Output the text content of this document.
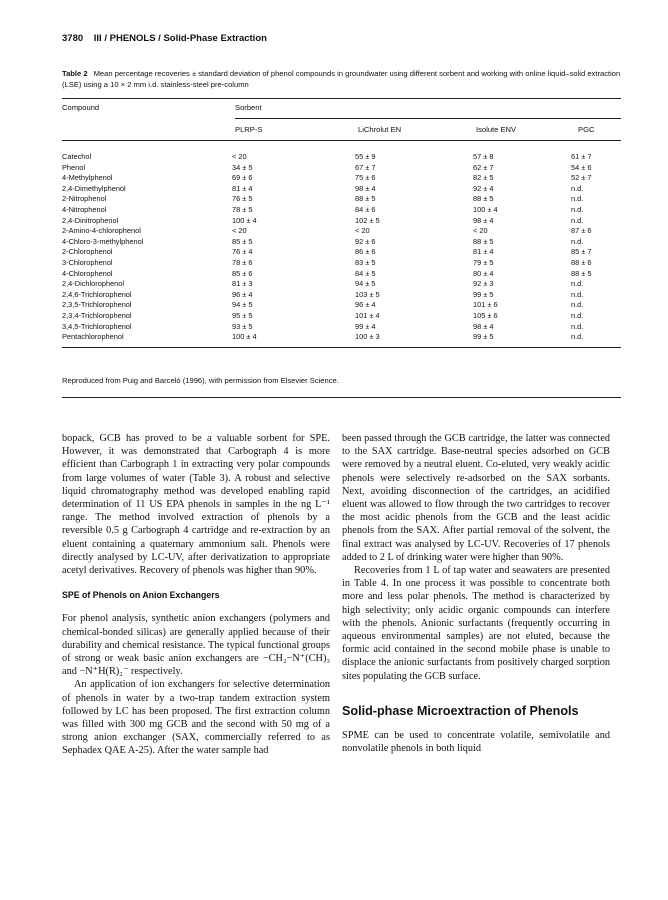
3780 III / PHENOLS / Solid-Phase Extraction
Table 2 Mean percentage recoveries ± standard deviation of phenol compounds in groundwater using different sorbent and working with online liquid–solid extraction (LSE) using a 10 × 2 mm i.d. stainless-steel pre-column
Compound	Sorbent
PLRP-S	LiChrolut EN	Isolute ENV	PGC
Catechol	< 20	55 ± 9	57 ± 8	61 ± 7
Phenol	34 ± 5	67 ± 7	62 ± 7	54 ± 6
4-Methylphenol	69 ± 6	75 ± 6	82 ± 5	52 ± 7
2,4-Dimethylphenol	81 ± 4	98 ± 4	92 ± 4	n.d.
2-Nitrophenol	76 ± 5	88 ± 5	88 ± 5	n.d.
4-Nitrophenol	78 ± 5	84 ± 6	100 ± 4	n.d.
2,4-Dinitrophenol	100 ± 4	102 ± 5	98 ± 4	n.d.
2-Amino-4-chlorophenol	< 20	< 20	< 20	87 ± 6
4-Chloro-3-methylphenol	85 ± 5	92 ± 6	88 ± 5	n.d.
2-Chlorophenol	76 ± 4	86 ± 6	81 ± 4	85 ± 7
3-Chlorophenol	78 ± 6	83 ± 5	79 ± 5	88 ± 6
4-Chlorophenol	85 ± 6	84 ± 5	80 ± 4	88 ± 5
2,4-Dichlorophenol	81 ± 3	94 ± 5	92 ± 3	n.d.
2,4,6-Trichlorophenol	96 ± 4	103 ± 5	99 ± 5	n.d.
2,3,5-Trichlorophenol	94 ± 5	96 ± 4	101 ± 6	n.d.
2,3,4-Trichlorophenol	95 ± 5	101 ± 4	105 ± 6	n.d.
3,4,5-Trichlorophenol	93 ± 5	99 ± 4	98 ± 4	n.d.
Pentachlorophenol	100 ± 4	100 ± 3	99 ± 5	n.d.
Reproduced from Puig and Barceló (1996), with permission from Elsevier Science.

bopack, GCB has proved to be a valuable sorbent for SPE. However, it was demonstrated that Carbograph 4 is more efficient than Carbograph 1 in extracting very polar compounds from large volumes of water (Table 3). A robust and selective liquid chromatography method was developed enabling rapid determination of 11 US EPA phenols in samples in the ng L⁻¹ range. The method involved extraction of phenols by a reversible 0.5 g Carbograph 4 cartridge and re-extraction by an eluent containing a quaternary ammonium salt. Phenols were directly analysed by LC-UV, after derivatization to appropriate acetyl derivatives. Recovery of phenols was higher than 90%.

SPE of Phenols on Anion Exchangers

For phenol analysis, synthetic anion exchangers (polymers and chemical-bonded silicas) are generally applied because of their durability and chemical resistance. The typical functional groups of strong or weak basic anion exchangers are −CH₂−N⁺(CH)₃ and −N⁺H(R)₂⁻ respectively.

An application of ion exchangers for selective determination of phenols in water by a two-trap tandem extraction system followed by LC has been proposed. The first extraction column was filled with 300 mg GCB and the second with 50 mg of a strong anion exchanger (SAX, commercially referred to as Sephadex QAE A-25). After the water sample had

been passed through the GCB cartridge, the latter was connected to the SAX cartridge. Base-neutral species adsorbed on GCB were removed by a neutral eluent. Co-eluted, very weakly acidic phenols were selectively re-adsorbed on the SAX sorbants. Next, avoiding disconnection of the cartridges, an acidified eluent was allowed to flow through the two cartridges to recover the most acidic phenols from the GCB and the least acidic phenols from the SAX. After partial removal of the solvent, the final extract was analysed by LC-UV. Recoveries of 17 phenols added to 2 L of drinking water were higher than 90%.

Recoveries from 1 L of tap water and seawaters are presented in Table 4. In one process it was possible to concentrate both more and less polar phenols. The method is characterized by high selectivity; only acidic organic compounds can interfere with the phenols. Anionic surfactants (frequently occurring in aqueous environmental samples) are not eluted, because the formic acid contained in the second mobile phase is unable to displace the anionic surfactants from positively charged sorption sites populating the GCB surface.

Solid-phase Microextraction of Phenols

SPME can be used to concentrate volatile, semivolatile and nonvolatile phenols in both liquid
